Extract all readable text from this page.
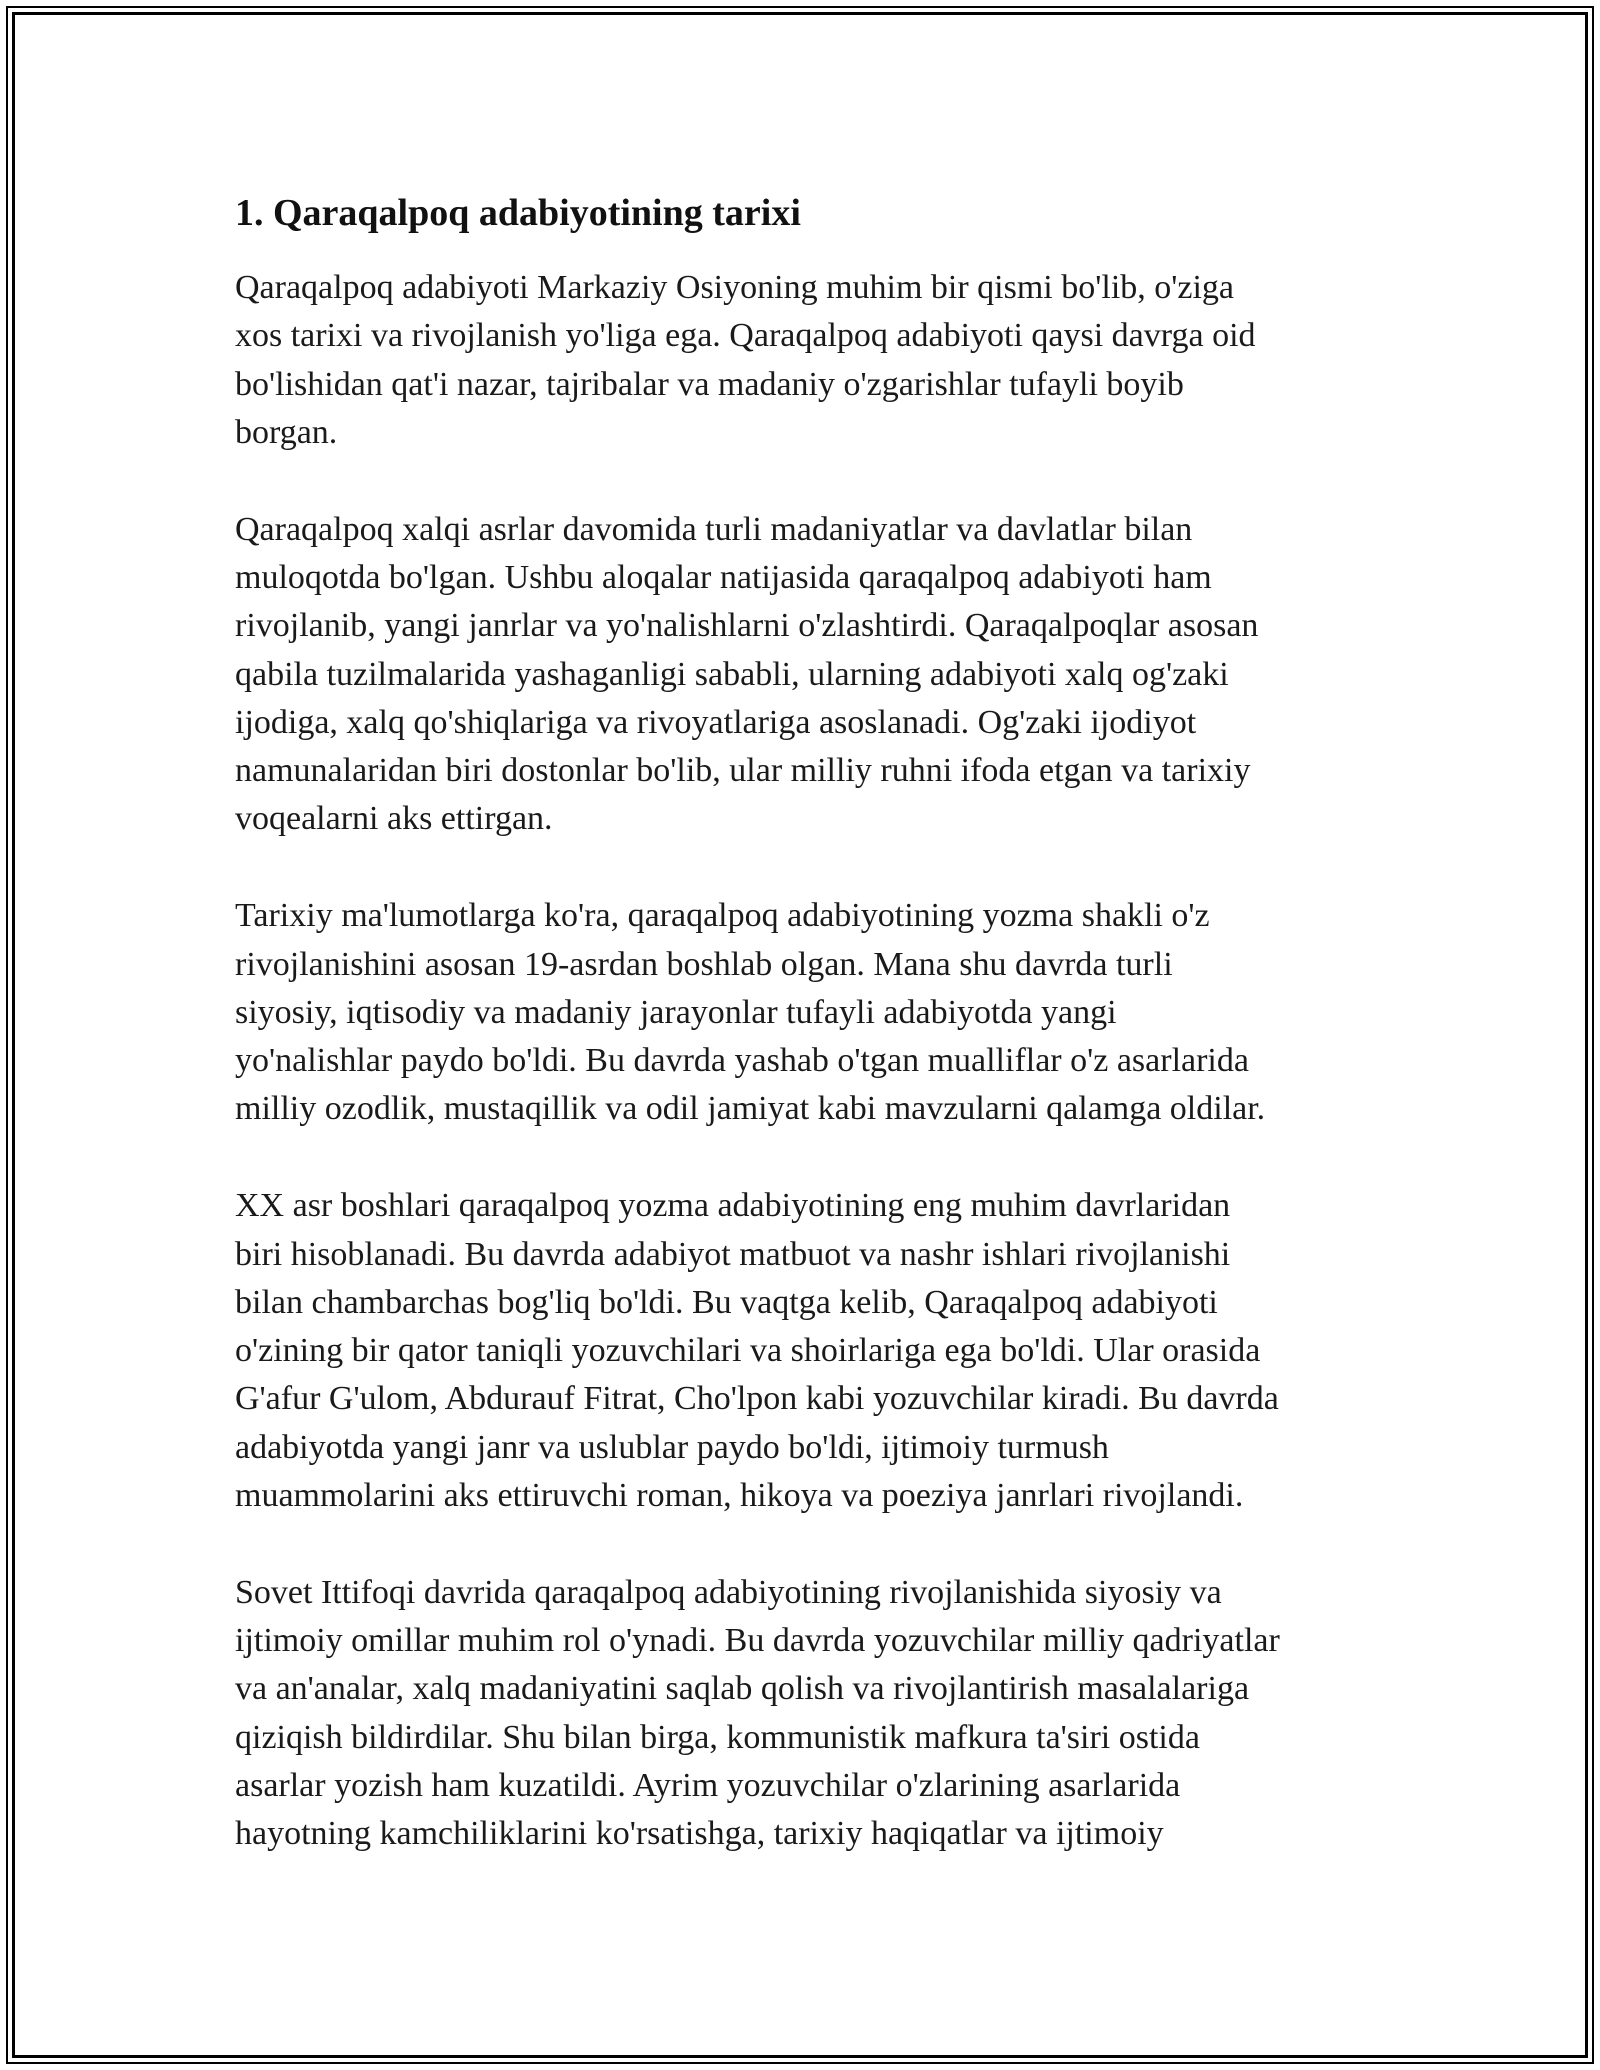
1. Qaraqalpoq adabiyotining tarixi

Qaraqalpoq adabiyoti Markaziy Osiyoning muhim bir qismi bo'lib, o'ziga
xos tarixi va rivojlanish yo'liga ega. Qaraqalpoq adabiyoti qaysi davrga oid
bo'lishidan qat'i nazar, tajribalar va madaniy o'zgarishlar tufayli boyib
borgan.

Qaraqalpoq xalqi asrlar davomida turli madaniyatlar va davlatlar bilan
muloqotda bo'lgan. Ushbu aloqalar natijasida qaraqalpoq adabiyoti ham
rivojlanib, yangi janrlar va yo'nalishlarni o'zlashtirdi. Qaraqalpoqlar asosan
qabila tuzilmalarida yashaganligi sababli, ularning adabiyoti xalq og'zaki
ijodiga, xalq qo'shiqlariga va rivoyatlariga asoslanadi. Og'zaki ijodiyot
namunalaridan biri dostonlar bo'lib, ular milliy ruhni ifoda etgan va tarixiy
voqealarni aks ettirgan.

Tarixiy ma'lumotlarga ko'ra, qaraqalpoq adabiyotining yozma shakli o'z
rivojlanishini asosan 19-asrdan boshlab olgan. Mana shu davrda turli
siyosiy, iqtisodiy va madaniy jarayonlar tufayli adabiyotda yangi
yo'nalishlar paydo bo'ldi. Bu davrda yashab o'tgan mualliflar o'z asarlarida
milliy ozodlik, mustaqillik va odil jamiyat kabi mavzularni qalamga oldilar.

XX asr boshlari qaraqalpoq yozma adabiyotining eng muhim davrlaridan
biri hisoblanadi. Bu davrda adabiyot matbuot va nashr ishlari rivojlanishi
bilan chambarchas bog'liq bo'ldi. Bu vaqtga kelib, Qaraqalpoq adabiyoti
o'zining bir qator taniqli yozuvchilari va shoirlariga ega bo'ldi. Ular orasida
G'afur G'ulom, Abdurauf Fitrat, Cho'lpon kabi yozuvchilar kiradi. Bu davrda
adabiyotda yangi janr va uslublar paydo bo'ldi, ijtimoiy turmush
muammolarini aks ettiruvchi roman, hikoya va poeziya janrlari rivojlandi.

Sovet Ittifoqi davrida qaraqalpoq adabiyotining rivojlanishida siyosiy va
ijtimoiy omillar muhim rol o'ynadi. Bu davrda yozuvchilar milliy qadriyatlar
va an'analar, xalq madaniyatini saqlab qolish va rivojlantirish masalalariga
qiziqish bildirdilar. Shu bilan birga, kommunistik mafkura ta'siri ostida
asarlar yozish ham kuzatildi. Ayrim yozuvchilar o'zlarining asarlarida
hayotning kamchiliklarini ko'rsatishga, tarixiy haqiqatlar va ijtimoiy
